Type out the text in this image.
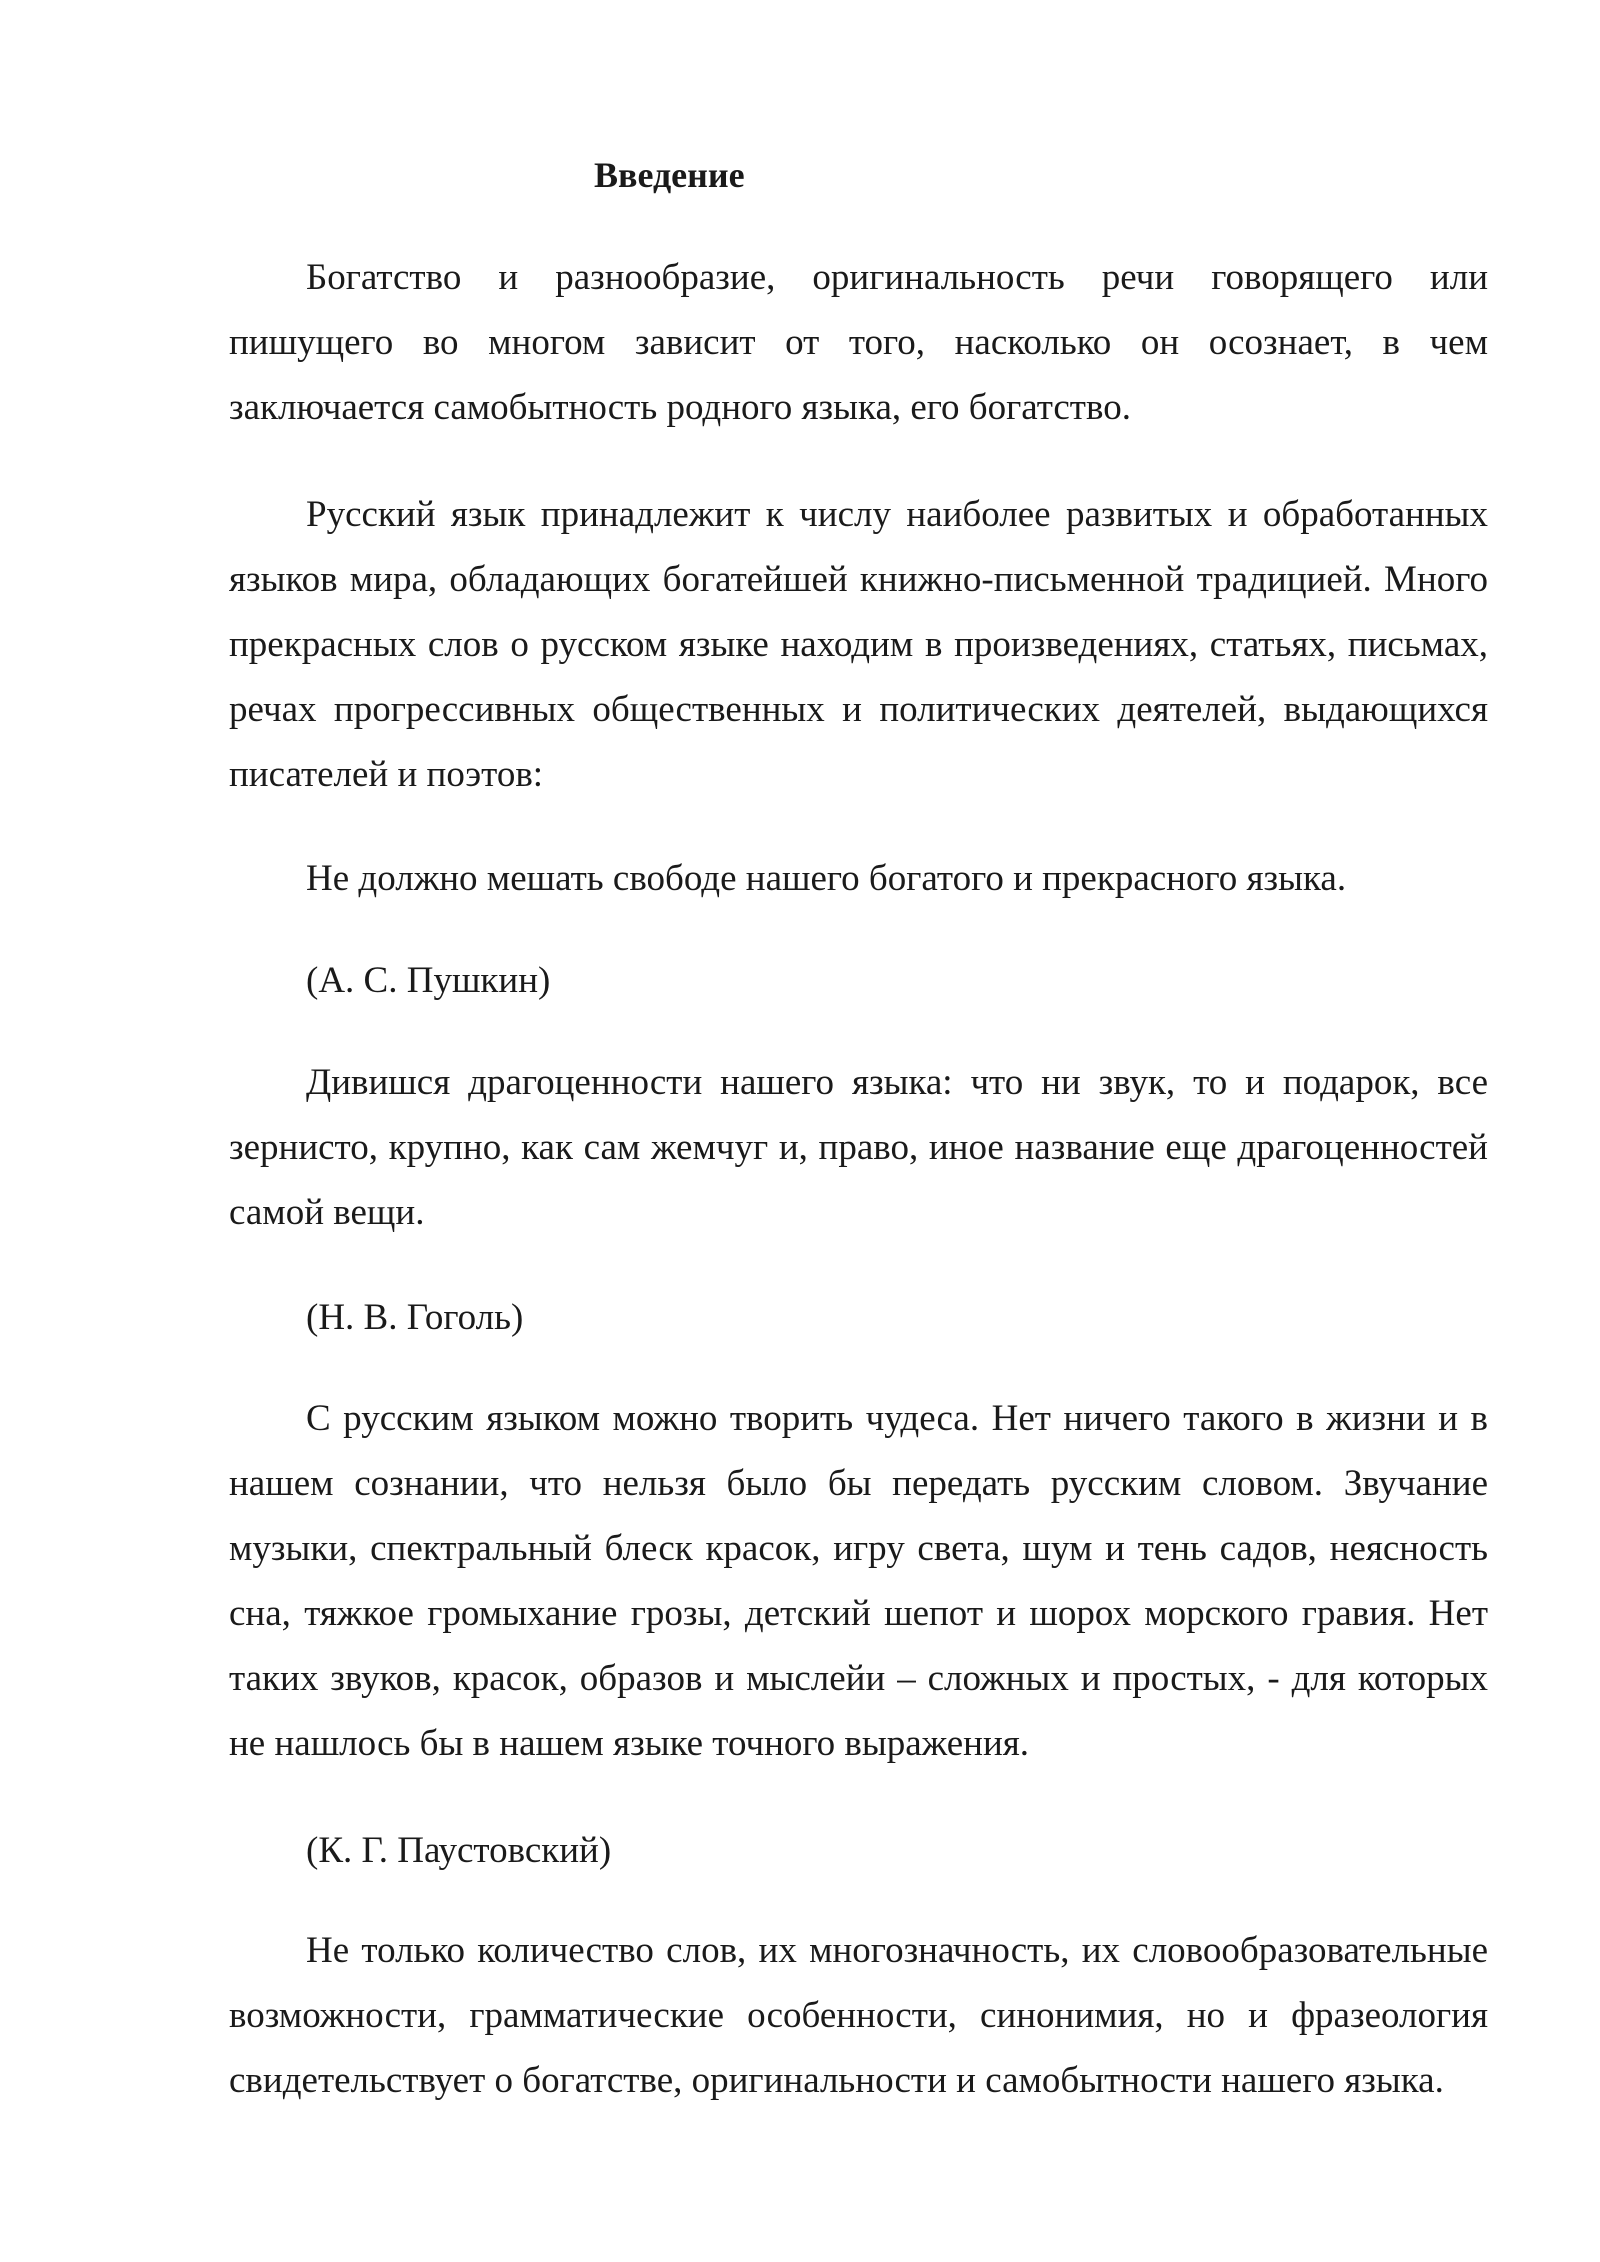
Введение

Богатство и разнообразие, оригинальность речи говорящего или пишущего во многом зависит от того, насколько он осознает, в чем заключается самобытность родного языка, его богатство.

Русский язык принадлежит к числу наиболее развитых и обработанных языков мира, обладающих богатейшей книжно-письменной традицией. Много прекрасных слов о русском языке находим в произведениях, статьях, письмах, речах прогрессивных общественных и политических деятелей, выдающихся писателей и поэтов:

Не должно мешать свободе нашего богатого и прекрасного языка.

(А. С. Пушкин)

Дивишся драгоценности нашего языка: что ни звук, то и подарок, все зернисто, крупно, как сам жемчуг и, право, иное название еще драгоценностей самой вещи.

(Н. В. Гоголь)

С русским языком можно творить чудеса. Нет ничего такого в жизни и в нашем сознании, что нельзя было бы передать русским словом. Звучание музыки, спектральный блеск красок, игру света, шум и тень садов, неясность сна, тяжкое громыхание грозы, детский шепот и шорох морского гравия. Нет таких звуков, красок, образов и мыслейи – сложных и простых, - для которых не нашлось бы в нашем языке точного выражения.

(К. Г. Паустовский)

Не только количество слов, их многозначность, их словообразовательные возможности, грамматические особенности, синонимия, но и фразеология свидетельствует о богатстве, оригинальности и самобытности нашего языка.
